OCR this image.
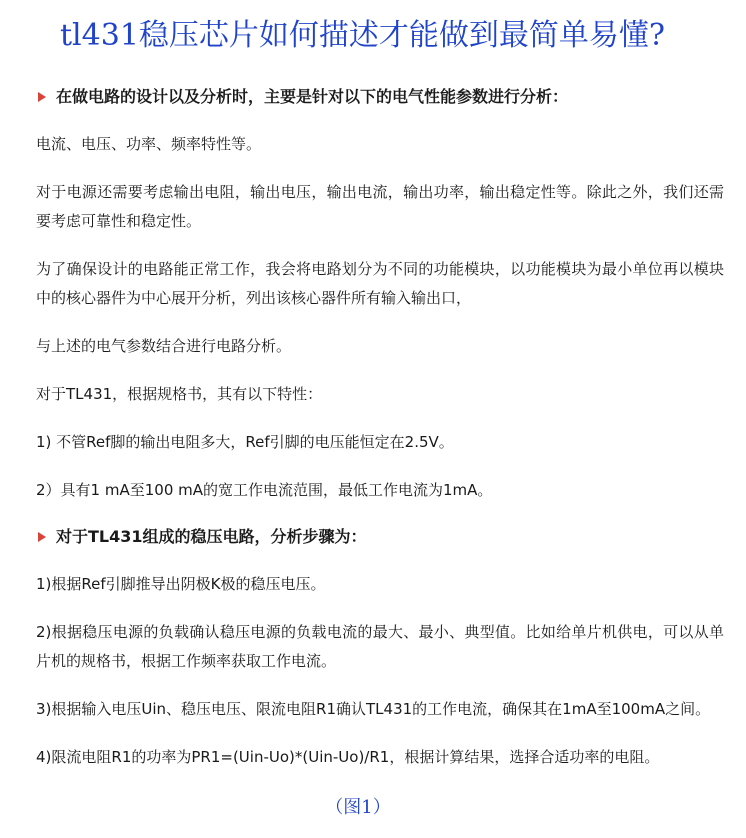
tl431稳压芯片如何描述才能做到最简单易懂?
在做电路的设计以及分析时，主要是针对以下的电气性能参数进行分析：

电流、电压、功率、频率特性等。

对于电源还需要考虑输出电阻，输出电压，输出电流，输出功率，输出稳定性等。除此之外，我们还需要考虑可靠性和稳定性。

为了确保设计的电路能正常工作，我会将电路划分为不同的功能模块，以功能模块为最小单位再以模块中的核心器件为中心展开分析，列出该核心器件所有输入输出口，

与上述的电气参数结合进行电路分析。

对于TL431，根据规格书，其有以下特性：

1) 不管Ref脚的输出电阻多大，Ref引脚的电压能恒定在2.5V。

2）具有1 mA至100 mA的宽工作电流范围，最低工作电流为1mA。

对于TL431组成的稳压电路，分析步骤为：

1)根据Ref引脚推导出阴极K极的稳压电压。

2)根据稳压电源的负载确认稳压电源的负载电流的最大、最小、典型值。比如给单片机供电，可以从单片机的规格书，根据工作频率获取工作电流。

3)根据输入电压Uin、稳压电压、限流电阻R1确认TL431的工作电流，确保其在1mA至100mA之间。

4)限流电阻R1的功率为PR1=(Uin-Uo)*(Uin-Uo)/R1，根据计算结果，选择合适功率的电阻。

（图1）
